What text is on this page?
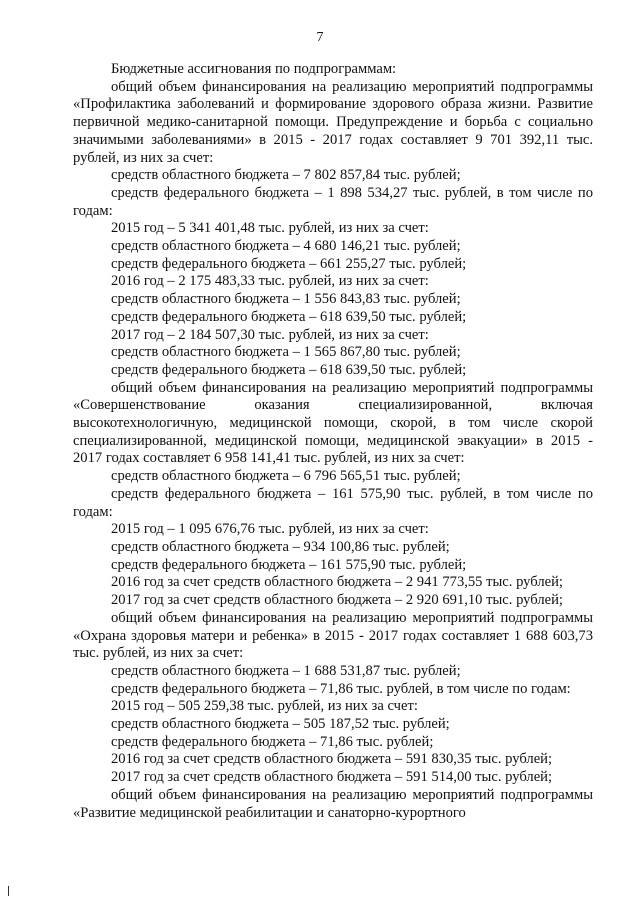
7

Бюджетные ассигнования по подпрограммам:

общий объем финансирования на реализацию мероприятий подпрограммы «Профилактика заболеваний и формирование здорового образа жизни. Развитие первичной медико-санитарной помощи. Предупреждение и борьба с социально значимыми заболеваниями» в 2015 - 2017 годах составляет 9 701 392,11 тыс. рублей, из них за счет:

средств областного бюджета – 7 802 857,84 тыс. рублей;

средств федерального бюджета – 1 898 534,27 тыс. рублей, в том числе по годам:

2015 год – 5 341 401,48 тыс. рублей, из них за счет:

средств областного бюджета – 4 680 146,21 тыс. рублей;

средств федерального бюджета – 661 255,27 тыс. рублей;

2016 год – 2 175 483,33 тыс. рублей, из них за счет:

средств областного бюджета – 1 556 843,83 тыс. рублей;

средств федерального бюджета – 618 639,50 тыс. рублей;

2017 год – 2 184 507,30 тыс. рублей, из них за счет:

средств областного бюджета – 1 565 867,80 тыс. рублей;

средств федерального бюджета – 618 639,50 тыс. рублей;

общий объем финансирования на реализацию мероприятий подпрограммы «Совершенствование оказания специализированной, включая высокотехнологичную, медицинской помощи, скорой, в том числе скорой специализированной, медицинской помощи, медицинской эвакуации» в 2015 - 2017 годах составляет 6 958 141,41 тыс. рублей, из них за счет:

средств областного бюджета – 6 796 565,51 тыс. рублей;

средств федерального бюджета – 161 575,90 тыс. рублей, в том числе по годам:

2015 год – 1 095 676,76 тыс. рублей, из них за счет:

средств областного бюджета – 934 100,86 тыс. рублей;

средств федерального бюджета – 161 575,90 тыс. рублей;

2016 год за счет средств областного бюджета – 2 941 773,55 тыс. рублей;

2017 год за счет средств областного бюджета – 2 920 691,10 тыс. рублей;

общий объем финансирования на реализацию мероприятий подпрограммы «Охрана здоровья матери и ребенка» в 2015 - 2017 годах составляет 1 688 603,73 тыс. рублей, из них за счет:

средств областного бюджета – 1 688 531,87 тыс. рублей;

средств федерального бюджета – 71,86 тыс. рублей, в том числе по годам:

2015 год – 505 259,38 тыс. рублей, из них за счет:

средств областного бюджета – 505 187,52 тыс. рублей;

средств федерального бюджета – 71,86 тыс. рублей;

2016 год за счет средств областного бюджета – 591 830,35 тыс. рублей;

2017 год за счет средств областного бюджета – 591 514,00 тыс. рублей;

общий объем финансирования на реализацию мероприятий подпрограммы «Развитие медицинской реабилитации и санаторно-курортного
